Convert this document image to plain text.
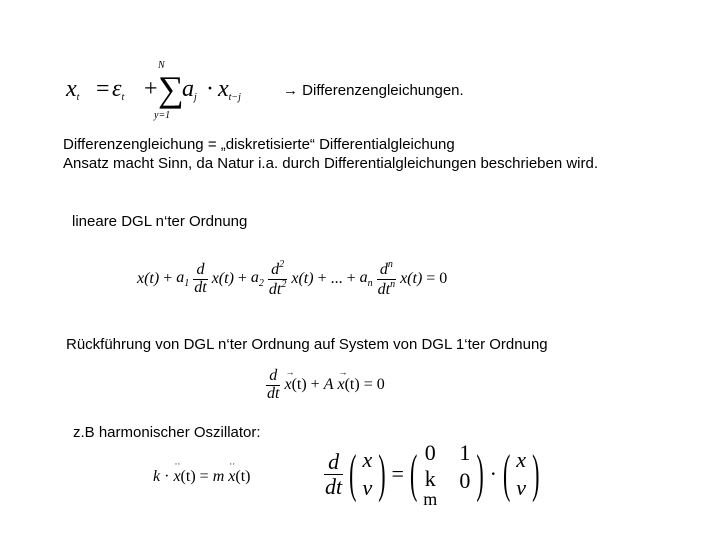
$x_t = \varepsilon_t$ +
N
∑
y=1
$a_j \cdot x_{t-j}$	→ Differenzengleichungen.
Differenzengleichung = „diskretisierte“ Differentialgleichung
Ansatz macht Sinn, da Natur i.a. durch Differentialgleichungen beschrieben wird.
lineare DGL n‘ter Ordnung
$x(t) + a_1 \frac{d}{dt} x(t) + a_2 \frac{d^2}{dt^2} x(t)$ + ... + $a_n \frac{d^n}{dt^n} x(t) = 0$
Rückführung von DGL n‘ter Ordnung auf System von DGL 1‘ter Ordnung
$\frac{d}{dt}$ →
x(t) + A
→
x(t) = 0
z.B harmonischer Oszillator:
k ·
··
x(t) = m
··
x(t)	$\frac{d}{dt}$ ( x
v ) = ( 0 1
k
m
0 ) · ( x
v )
